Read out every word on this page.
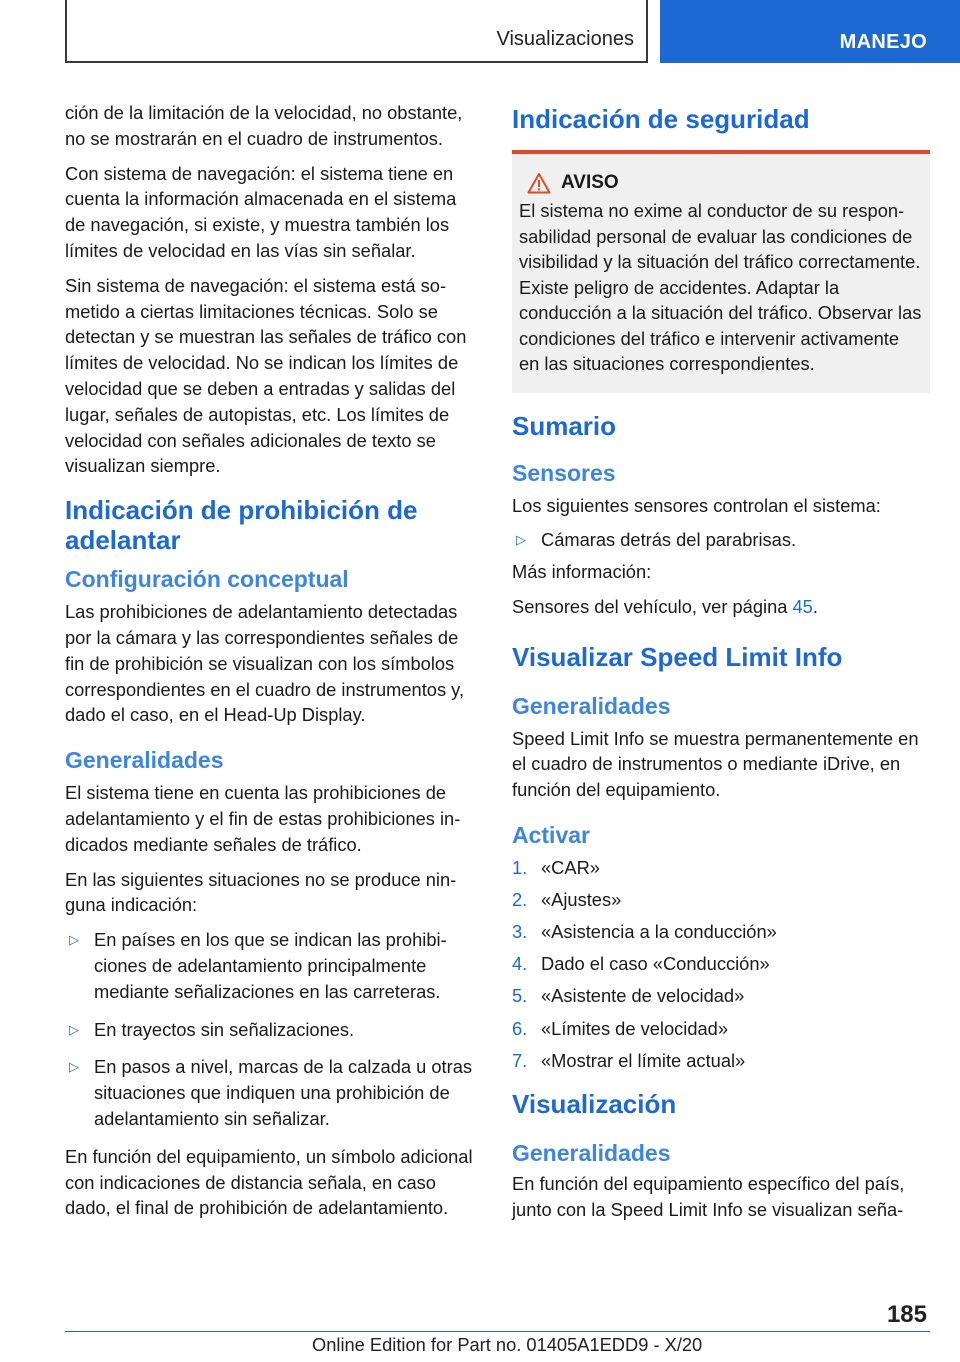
Visualizaciones	MANEJO

ción de la limitación de la velocidad, no obstante, no se mostrarán en el cuadro de instrumentos.

Con sistema de navegación: el sistema tiene en cuenta la información almacenada en el sistema de navegación, si existe, y muestra también los límites de velocidad en las vías sin señalar.

Sin sistema de navegación: el sistema está sometido a ciertas limitaciones técnicas. Solo se detectan y se muestran las señales de tráfico con límites de velocidad. No se indican los límites de velocidad que se deben a entradas y salidas del lugar, señales de autopistas, etc. Los límites de velocidad con señales adicionales de texto se visualizan siempre.

Indicación de prohibición de adelantar
Configuración conceptual

Las prohibiciones de adelantamiento detectadas por la cámara y las correspondientes señales de fin de prohibición se visualizan con los símbolos correspondientes en el cuadro de instrumentos y, dado el caso, en el Head-Up Display.

Generalidades

El sistema tiene en cuenta las prohibiciones de adelantamiento y el fin de estas prohibiciones indicados mediante señales de tráfico.

En las siguientes situaciones no se produce ninguna indicación:

▷ En países en los que se indican las prohibiciones de adelantamiento principalmente mediante señalizaciones en las carreteras.
▷ En trayectos sin señalizaciones.
▷ En pasos a nivel, marcas de la calzada u otras situaciones que indiquen una prohibición de adelantamiento sin señalizar.

En función del equipamiento, un símbolo adicional con indicaciones de distancia señala, en caso dado, el final de prohibición de adelantamiento.

Indicación de seguridad
AVISO

El sistema no exime al conductor de su responsabilidad personal de evaluar las condiciones de visibilidad y la situación del tráfico correctamente. Existe peligro de accidentes. Adaptar la conducción a la situación del tráfico. Observar las condiciones del tráfico e intervenir activamente en las situaciones correspondientes.

Sumario
Sensores

Los siguientes sensores controlan el sistema:

▷ Cámaras detrás del parabrisas.

Más información:

Sensores del vehículo, ver página 45.

Visualizar Speed Limit Info
Generalidades

Speed Limit Info se muestra permanentemente en el cuadro de instrumentos o mediante iDrive, en función del equipamiento.

Activar
1. «CAR»
2. «Ajustes»
3. «Asistencia a la conducción»
4. Dado el caso «Conducción»
5. «Asistente de velocidad»
6. «Límites de velocidad»
7. «Mostrar el límite actual»
Visualización
Generalidades

En función del equipamiento específico del país, junto con la Speed Limit Info se visualizan seña-

185
Online Edition for Part no. 01405A1EDD9 - X/20
